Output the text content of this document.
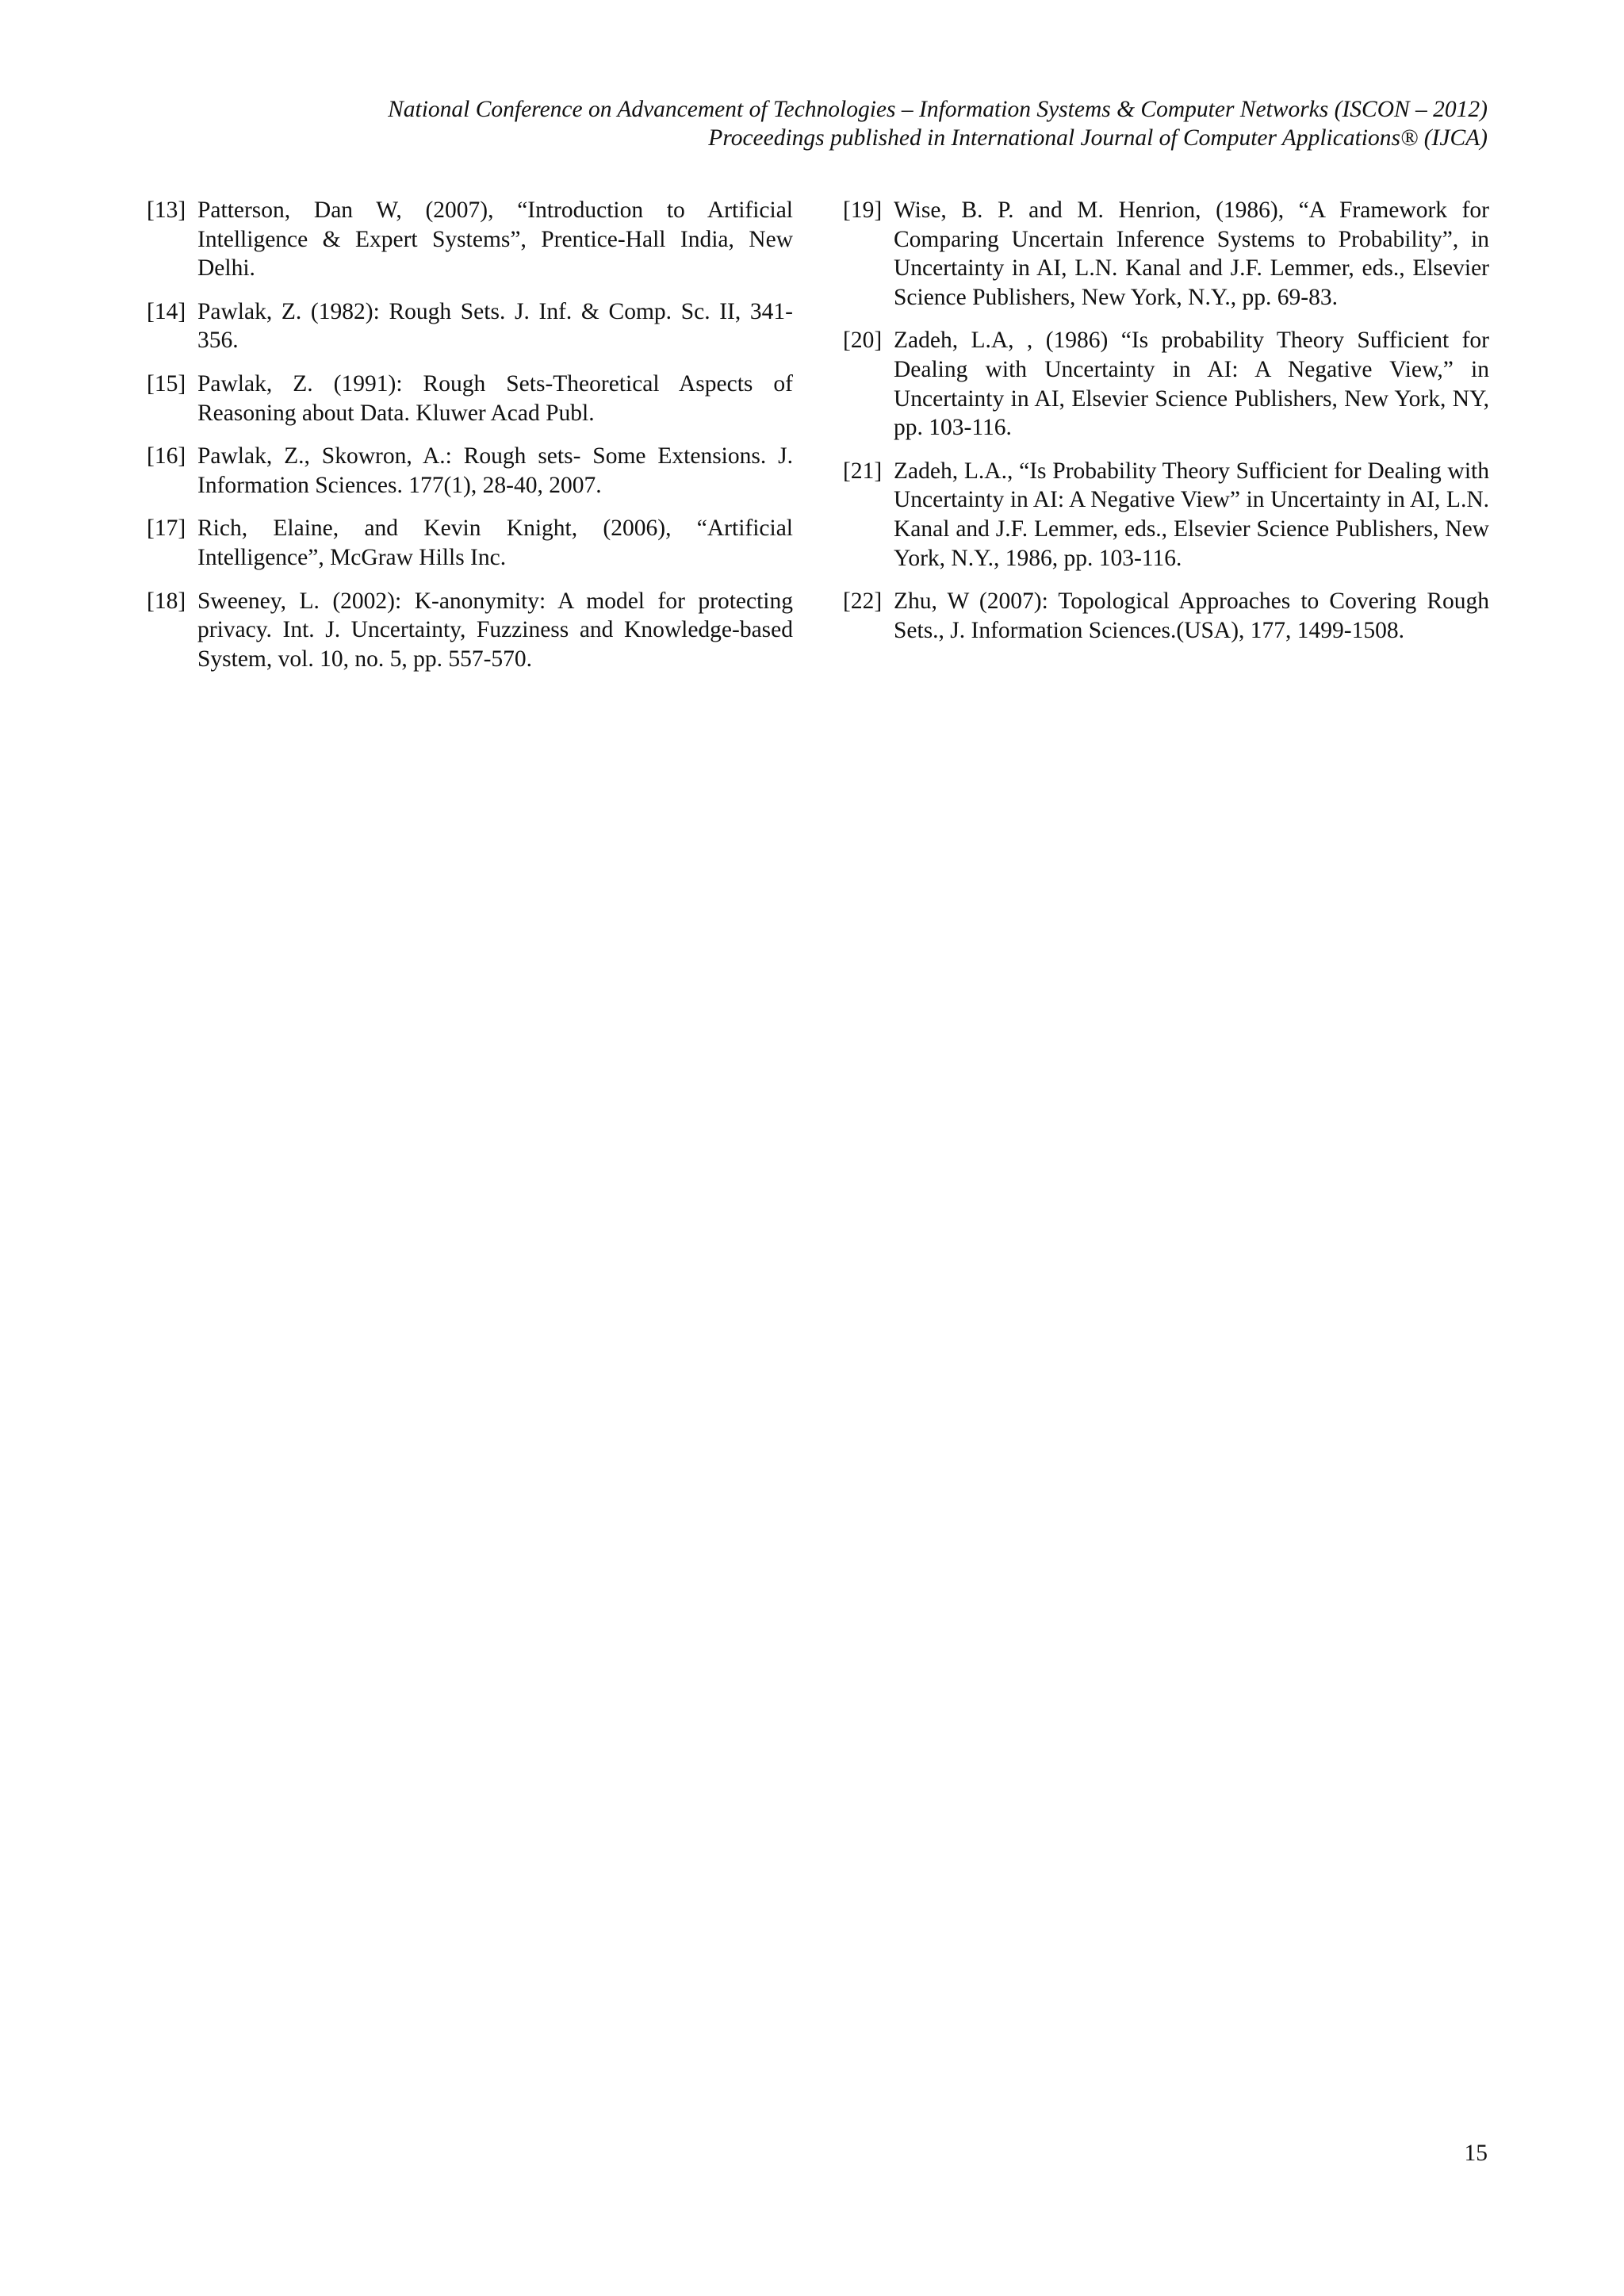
National Conference on Advancement of Technologies – Information Systems & Computer Networks (ISCON – 2012)
Proceedings published in International Journal of Computer Applications® (IJCA)
[13] Patterson, Dan W, (2007), “Introduction to Artificial Intelligence & Expert Systems”, Prentice-Hall India, New Delhi.
[14] Pawlak, Z. (1982): Rough Sets. J. Inf. & Comp. Sc. II, 341-356.
[15] Pawlak, Z. (1991): Rough Sets-Theoretical Aspects of Reasoning about Data. Kluwer Acad Publ.
[16] Pawlak, Z., Skowron, A.: Rough sets- Some Extensions. J. Information Sciences. 177(1), 28-40, 2007.
[17] Rich, Elaine, and Kevin Knight, (2006), “Artificial Intelligence”, McGraw Hills Inc.
[18] Sweeney, L. (2002): K-anonymity: A model for protecting privacy. Int. J. Uncertainty, Fuzziness and Knowledge-based System, vol. 10, no. 5, pp. 557-570.
[19] Wise, B. P. and M. Henrion, (1986), “A Framework for Comparing Uncertain Inference Systems to Probability”, in Uncertainty in AI, L.N. Kanal and J.F. Lemmer, eds., Elsevier Science Publishers, New York, N.Y., pp. 69-83.
[20] Zadeh, L.A, , (1986) “Is probability Theory Sufficient for Dealing with Uncertainty in AI: A Negative View,” in Uncertainty in AI, Elsevier Science Publishers, New York, NY, pp. 103-116.
[21] Zadeh, L.A., “Is Probability Theory Sufficient for Dealing with Uncertainty in AI: A Negative View” in Uncertainty in AI, L.N. Kanal and J.F. Lemmer, eds., Elsevier Science Publishers, New York, N.Y., 1986, pp. 103-116.
[22] Zhu, W (2007): Topological Approaches to Covering Rough Sets., J. Information Sciences.(USA), 177, 1499-1508.
15
